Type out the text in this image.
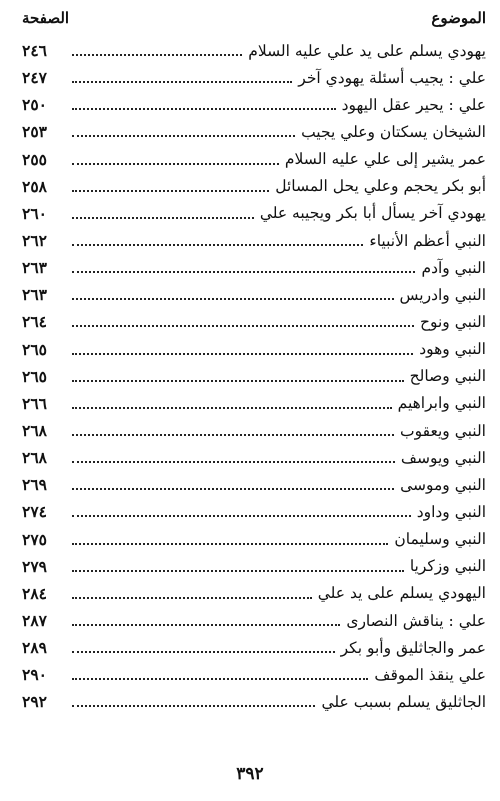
الصفحة	الموضوع
يهودي يسلم على يد علي عليه السلام
٢٤٦
علي : يجيب أسئلة يهودي آخر
٢٤٧
علي : يحير عقل اليهود
٢٥٠
الشيخان يسكتان وعلي يجيب
٢٥٣
عمر يشير إلى علي عليه السلام
٢٥٥
أبو بكر يحجم وعلي يحل المسائل
٢٥٨
يهودي آخر يسأل أبا بكر ويجيبه علي
٢٦٠
النبي أعظم الأنبياء
٢٦٢
النبي وآدم
٢٦٣
النبي وادريس
٢٦٣
النبي ونوح
٢٦٤
النبي وهود
٢٦٥
النبي وصالح
٢٦٥
النبي وابراهيم
٢٦٦
النبي ويعقوب
٢٦٨
النبي ويوسف
٢٦٨
النبي وموسى
٢٦٩
النبي وداود
٢٧٤
النبي وسليمان
٢٧٥
النبي وزكريا
٢٧٩
اليهودي يسلم على يد علي
٢٨٤
علي : يناقش النصارى
٢٨٧
عمر والجاثليق وأبو بكر
٢٨٩
علي ينقذ الموقف
٢٩٠
الجاثليق يسلم بسبب علي
٢٩٢
٣٩٢
